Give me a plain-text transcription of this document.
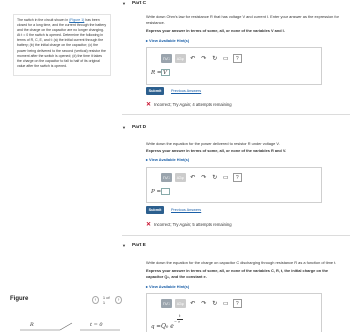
The switch in the circuit shown in (Figure 1) has been closed for a long time, and the current through the battery and the charge on the capacitor are no longer changing. At t = 0 the switch is opened. Determine the following in terms of R, C, E, and t: (a) the initial current through the battery; (b) the initial charge on the capacitor; (c) the power being delivered to the second (vertical) resistor the moment after the switch is opened; (d) the time it takes the charge on the capacitor to fall to half of its original value after the switch is opened.
Figure	‹	1 of 1	›
R	t = 0
▼ Part C
Write down Ohm's law for resistance R that has voltage V and current I. Enter your answer as the expression for resistance.
Express your answer in terms of some, all, or none of the variables V and I.
▸ View Available Hint(s)
Π√□	ΑΣφ	↶ ↷ ↻ ▭	?
R = V
Submit	Previous Answers
✕ Incorrect; Try Again; 4 attempts remaining
▼ Part D
Write down the equation for the power delivered to resistor R under voltage V.
Express your answer in terms of some, all, or none of the variables R and V.
▸ View Available Hint(s)
Π√□	ΑΣφ	↶ ↷ ↻ ▭	?
P =
Submit	Previous Answers
✕ Incorrect; Try Again; 5 attempts remaining
▼ Part E
Write down the equation for the charge on capacitor C discharging through resistance R as a function of time t.
Express your answer in terms of some, all, or none of the variables C, R, t, the initial charge on the capacitor Q₀, and the constant e.
▸ View Available Hint(s)
Π√□	ΑΣφ	↶ ↷ ↻ ▭	?
q = Q₀ e
−
t
τ
